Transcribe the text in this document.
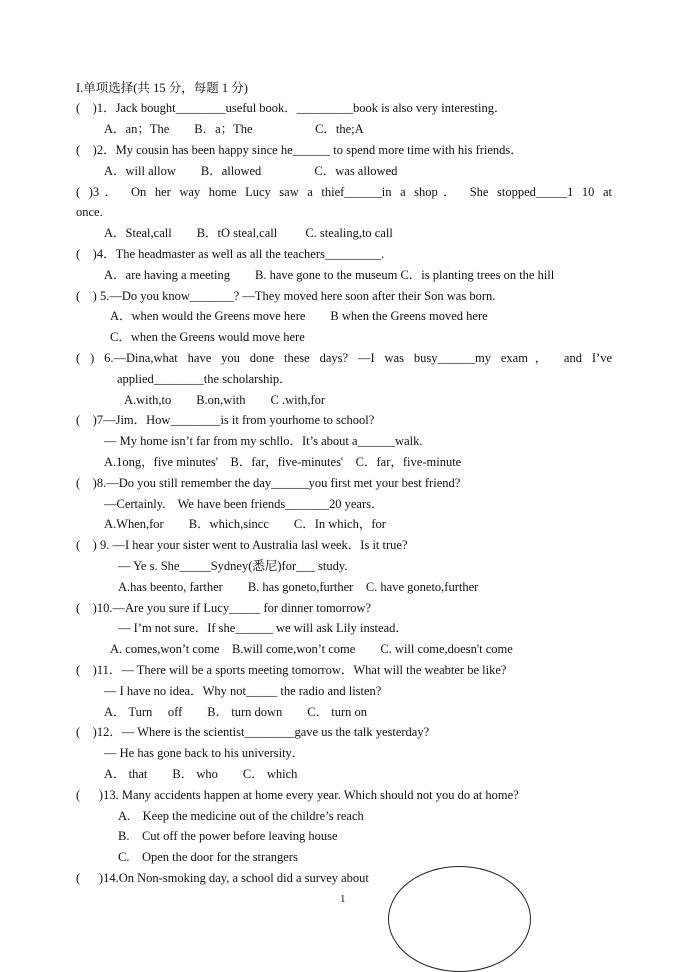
I.单项选择(共 15 分，每题 1 分)
(    )1．Jack bought________useful book．_________book is also very interesting．
A．an；The        B．a；The                    C．the;A
(    )2．My cousin has been happy since he______ to spend more time with his friends．
A．will allow        B．allowed                 C．was allowed
( )3． On her way home Lucy saw a thief______in a shop． She stopped_____1 10 at
once.
A．Steal,call        B．tO steal,call         C. stealing,to call
(    )4．The headmaster as well as all the teachers_________.
A．are having a meeting        B. have gone to the museum C．is planting trees on the hill
(    ) 5.—Do you know_______? —They moved here soon after their Son was born.
A．when would the Greens move here        B when the Greens moved here
C．when the Greens would move here
( ) 6.—Dina,what have you done these days? —I was busy______my exam， and I’ve
applied________the scholarship．
A.with,to        B.on,with        C .with,for
(    )7—Jim．How________is it from yourhome to school?
— My home isn’t far from my schllo．It’s about a______walk.
A.1ong，five minutes'    B．far，five-minutes'    C．far，five-minute
(    )8.—Do you still remember the day______you first met your best friend?
—Certainly.    We have been friends_______20 years．
A.When,for        B．which,sincc        C．In which，for
(    ) 9. —I hear your sister went to Australia lasl week．Is it true?
— Ye s. She_____Sydney(悉尼)for___ study.
A.has beento, farther        B. has goneto,further    C. have goneto,further
(    )10.—Are you sure if Lucy_____ for dinner tomorrow?
— I’m not sure．If she______ we will ask Lily instead．
A. comes,won’t come    B.will come,won’t come        C. will come,doesn't come
(    )11．— There will be a sports meeting tomorrow．What will the weabter be like?
— I have no idea．Why not_____ the radio and listen?
A． Turn     off        B． turn down        C． turn on
(    )12．— Where is the scientist________gave us the talk yesterday?
— He has gone back to his university．
A． that        B． who        C． which
(      )13. Many accidents happen at home every year. Which should not you do at home?
A.    Keep the medicine out of the childre’s reach
B.    Cut off the power before leaving house
C.    Open the door for the strangers
(      )14.On Non-smoking day, a school did a survey about
1
